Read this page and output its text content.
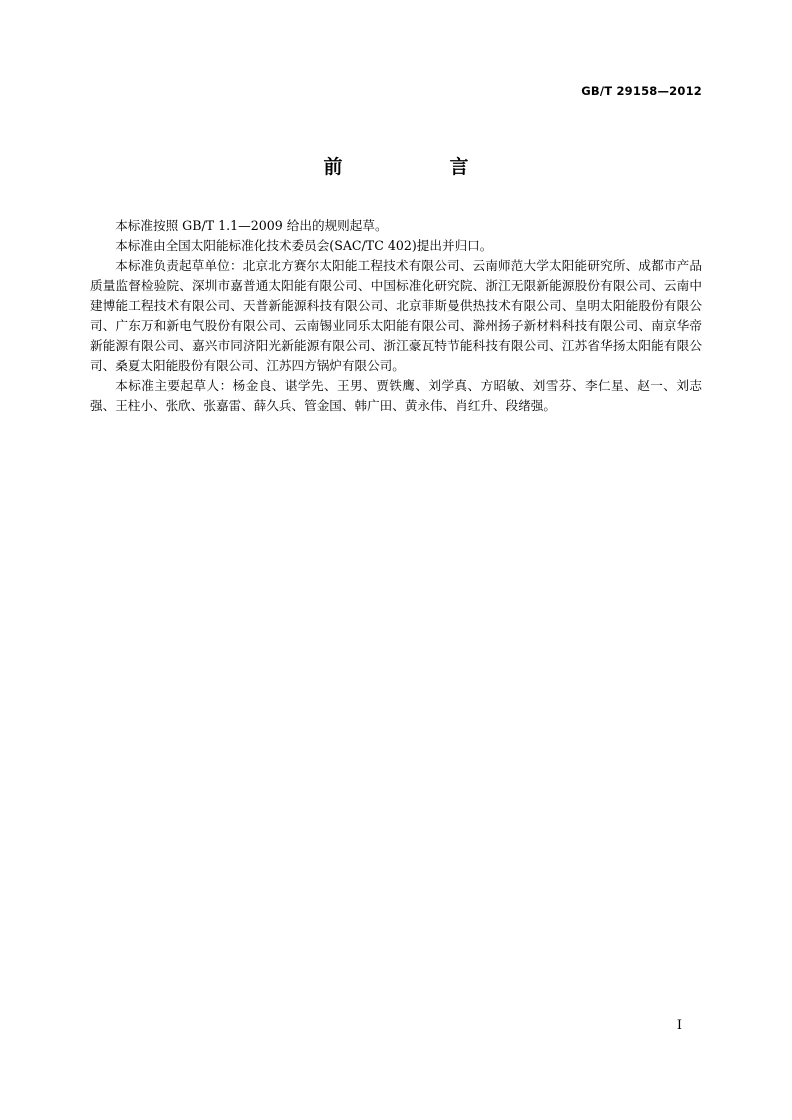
GB/T 29158—2012
前　言

本标准按照 GB/T 1.1—2009 给出的规则起草。

本标准由全国太阳能标准化技术委员会(SAC/TC 402)提出并归口。

本标准负责起草单位：北京北方赛尔太阳能工程技术有限公司、云南师范大学太阳能研究所、成都市产品质量监督检验院、深圳市嘉普通太阳能有限公司、中国标准化研究院、浙江无限新能源股份有限公司、云南中建博能工程技术有限公司、天普新能源科技有限公司、北京菲斯曼供热技术有限公司、皇明太阳能股份有限公司、广东万和新电气股份有限公司、云南锡业同乐太阳能有限公司、滁州扬子新材料科技有限公司、南京华帝新能源有限公司、嘉兴市同济阳光新能源有限公司、浙江豪瓦特节能科技有限公司、江苏省华扬太阳能有限公司、桑夏太阳能股份有限公司、江苏四方锅炉有限公司。

本标准主要起草人：杨金良、谌学先、王男、贾铁鹰、刘学真、方昭敏、刘雪芬、李仁星、赵一、刘志强、王柱小、张欣、张嘉雷、薛久兵、管金国、韩广田、黄永伟、肖红升、段绪强。

I
